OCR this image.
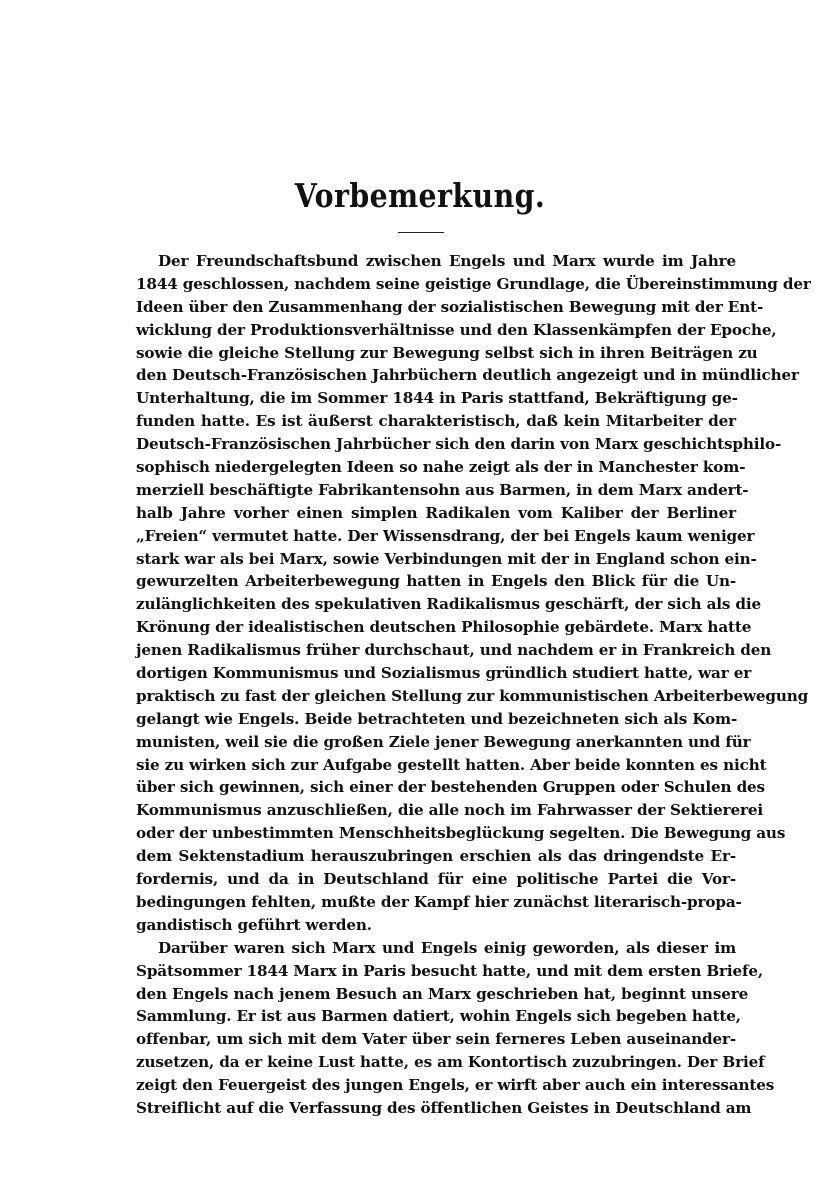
Vorbemerkung.
Der Freundschaftsbund zwischen Engels und Marx wurde im Jahre
1844 geschlossen, nachdem seine geistige Grundlage, die Übereinstimmung der
Ideen über den Zusammenhang der sozialistischen Bewegung mit der Ent-
wicklung der Produktionsverhältnisse und den Klassenkämpfen der Epoche,
sowie die gleiche Stellung zur Bewegung selbst sich in ihren Beiträgen zu
den Deutsch-Französischen Jahrbüchern deutlich angezeigt und in mündlicher
Unterhaltung, die im Sommer 1844 in Paris stattfand, Bekräftigung ge-
funden hatte. Es ist äußerst charakteristisch, daß kein Mitarbeiter der
Deutsch-Französischen Jahrbücher sich den darin von Marx geschichtsphilo-
sophisch niedergelegten Ideen so nahe zeigt als der in Manchester kom-
merziell beschäftigte Fabrikantensohn aus Barmen, in dem Marx andert-
halb Jahre vorher einen simplen Radikalen vom Kaliber der Berliner
„Freien“ vermutet hatte. Der Wissensdrang, der bei Engels kaum weniger
stark war als bei Marx, sowie Verbindungen mit der in England schon ein-
gewurzelten Arbeiterbewegung hatten in Engels den Blick für die Un-
zulänglichkeiten des spekulativen Radikalismus geschärft, der sich als die
Krönung der idealistischen deutschen Philosophie gebärdete. Marx hatte
jenen Radikalismus früher durchschaut, und nachdem er in Frankreich den
dortigen Kommunismus und Sozialismus gründlich studiert hatte, war er
praktisch zu fast der gleichen Stellung zur kommunistischen Arbeiterbewegung
gelangt wie Engels. Beide betrachteten und bezeichneten sich als Kom-
munisten, weil sie die großen Ziele jener Bewegung anerkannten und für
sie zu wirken sich zur Aufgabe gestellt hatten. Aber beide konnten es nicht
über sich gewinnen, sich einer der bestehenden Gruppen oder Schulen des
Kommunismus anzuschließen, die alle noch im Fahrwasser der Sektiererei
oder der unbestimmten Menschheitsbeglückung segelten. Die Bewegung aus
dem Sektenstadium herauszubringen erschien als das dringendste Er-
fordernis, und da in Deutschland für eine politische Partei die Vor-
bedingungen fehlten, mußte der Kampf hier zunächst literarisch-propa-
gandistisch geführt werden.
Darüber waren sich Marx und Engels einig geworden, als dieser im
Spätsommer 1844 Marx in Paris besucht hatte, und mit dem ersten Briefe,
den Engels nach jenem Besuch an Marx geschrieben hat, beginnt unsere
Sammlung. Er ist aus Barmen datiert, wohin Engels sich begeben hatte,
offenbar, um sich mit dem Vater über sein ferneres Leben auseinander-
zusetzen, da er keine Lust hatte, es am Kontortisch zuzubringen. Der Brief
zeigt den Feuergeist des jungen Engels, er wirft aber auch ein interessantes
Streiflicht auf die Verfassung des öffentlichen Geistes in Deutschland am
